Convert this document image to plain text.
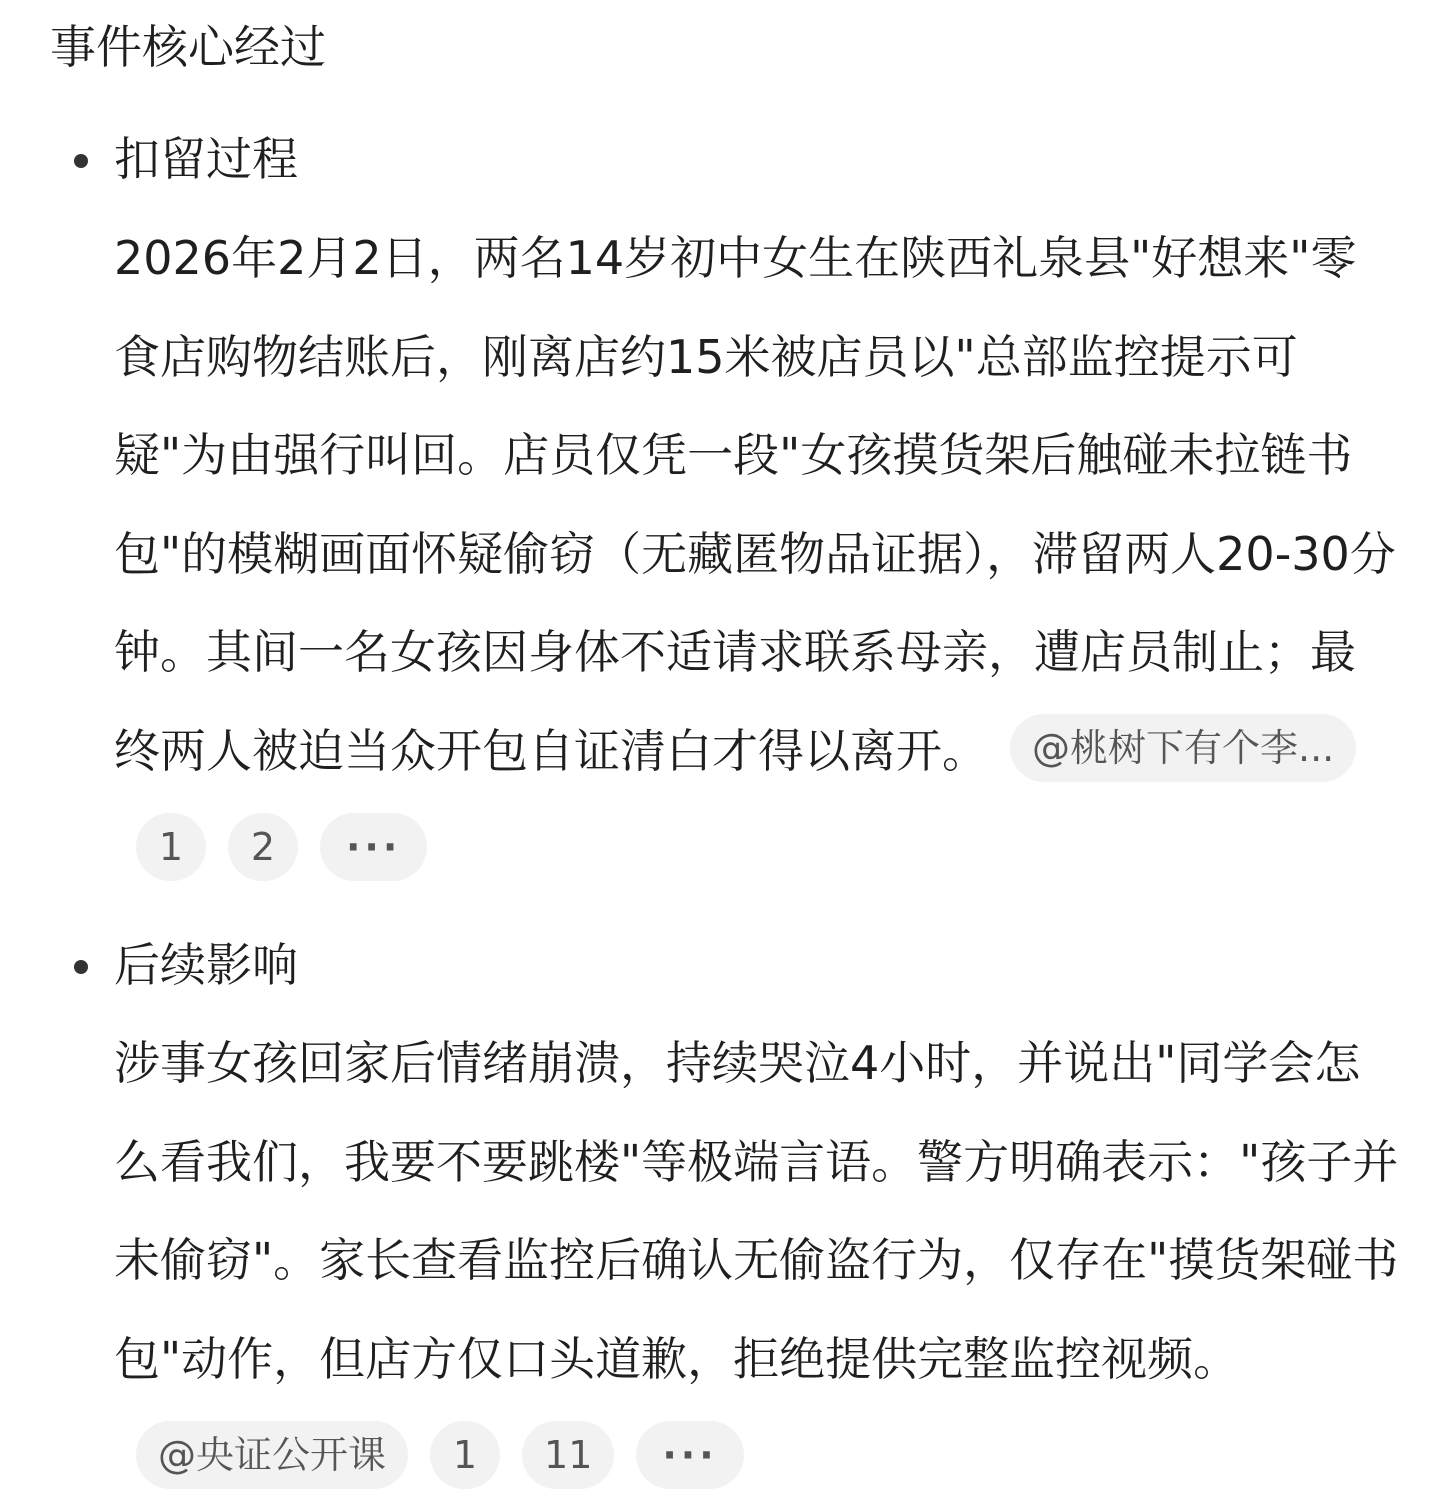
事件核心经过
扣留过程

2026年2月2日，两名14岁初中女生在陕西礼泉县"好想来"零食店购物结账后，刚离店约15米被店员以"总部监控提示可疑"为由强行叫回。店员仅凭一段"女孩摸货架后触碰未拉链书包"的模糊画面怀疑偷窃（无藏匿物品证据），滞留两人20-30分钟。其间一名女孩因身体不适请求联系母亲，遭店员制止；最终两人被迫当众开包自证清白才得以离开。 @桃树下有个李...1 2 ···

后续影响

涉事女孩回家后情绪崩溃，持续哭泣4小时，并说出"同学会怎么看我们，我要不要跳楼"等极端言语。警方明确表示："孩子并未偷窃"。家长查看监控后确认无偷盗行为，仅存在"摸货架碰书包"动作，但店方仅口头道歉，拒绝提供完整监控视频。@央证公开课 1 11 ···
